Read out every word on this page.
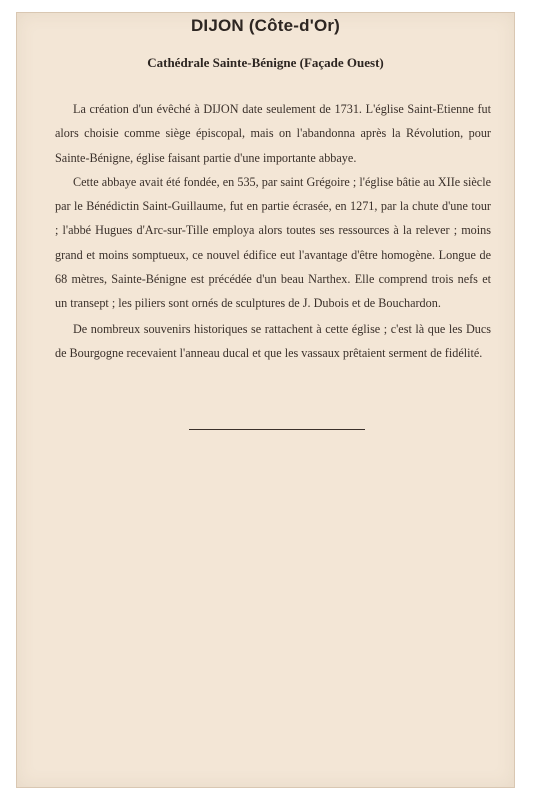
DIJON (Côte-d'Or)
Cathédrale Sainte-Bénigne (Façade Ouest)

La création d'un évêché à DIJON date seulement de 1731. L'église Saint-Etienne fut alors choisie comme siège épiscopal, mais on l'abandonna après la Révolution, pour Sainte-Bénigne, église faisant partie d'une importante abbaye.

Cette abbaye avait été fondée, en 535, par saint Grégoire ; l'église bâtie au XIIe siècle par le Bénédictin Saint-Guillaume, fut en partie écrasée, en 1271, par la chute d'une tour ; l'abbé Hugues d'Arc-sur-Tille employa alors toutes ses ressources à la relever ; moins grand et moins somptueux, ce nouvel édifice eut l'avantage d'être homogène. Longue de 68 mètres, Sainte-Bénigne est précédée d'un beau Narthex. Elle comprend trois nefs et un transept ; les piliers sont ornés de sculptures de J. Dubois et de Bouchardon.

De nombreux souvenirs historiques se rattachent à cette église ; c'est là que les Ducs de Bourgogne recevaient l'anneau ducal et que les vassaux prêtaient serment de fidélité.
